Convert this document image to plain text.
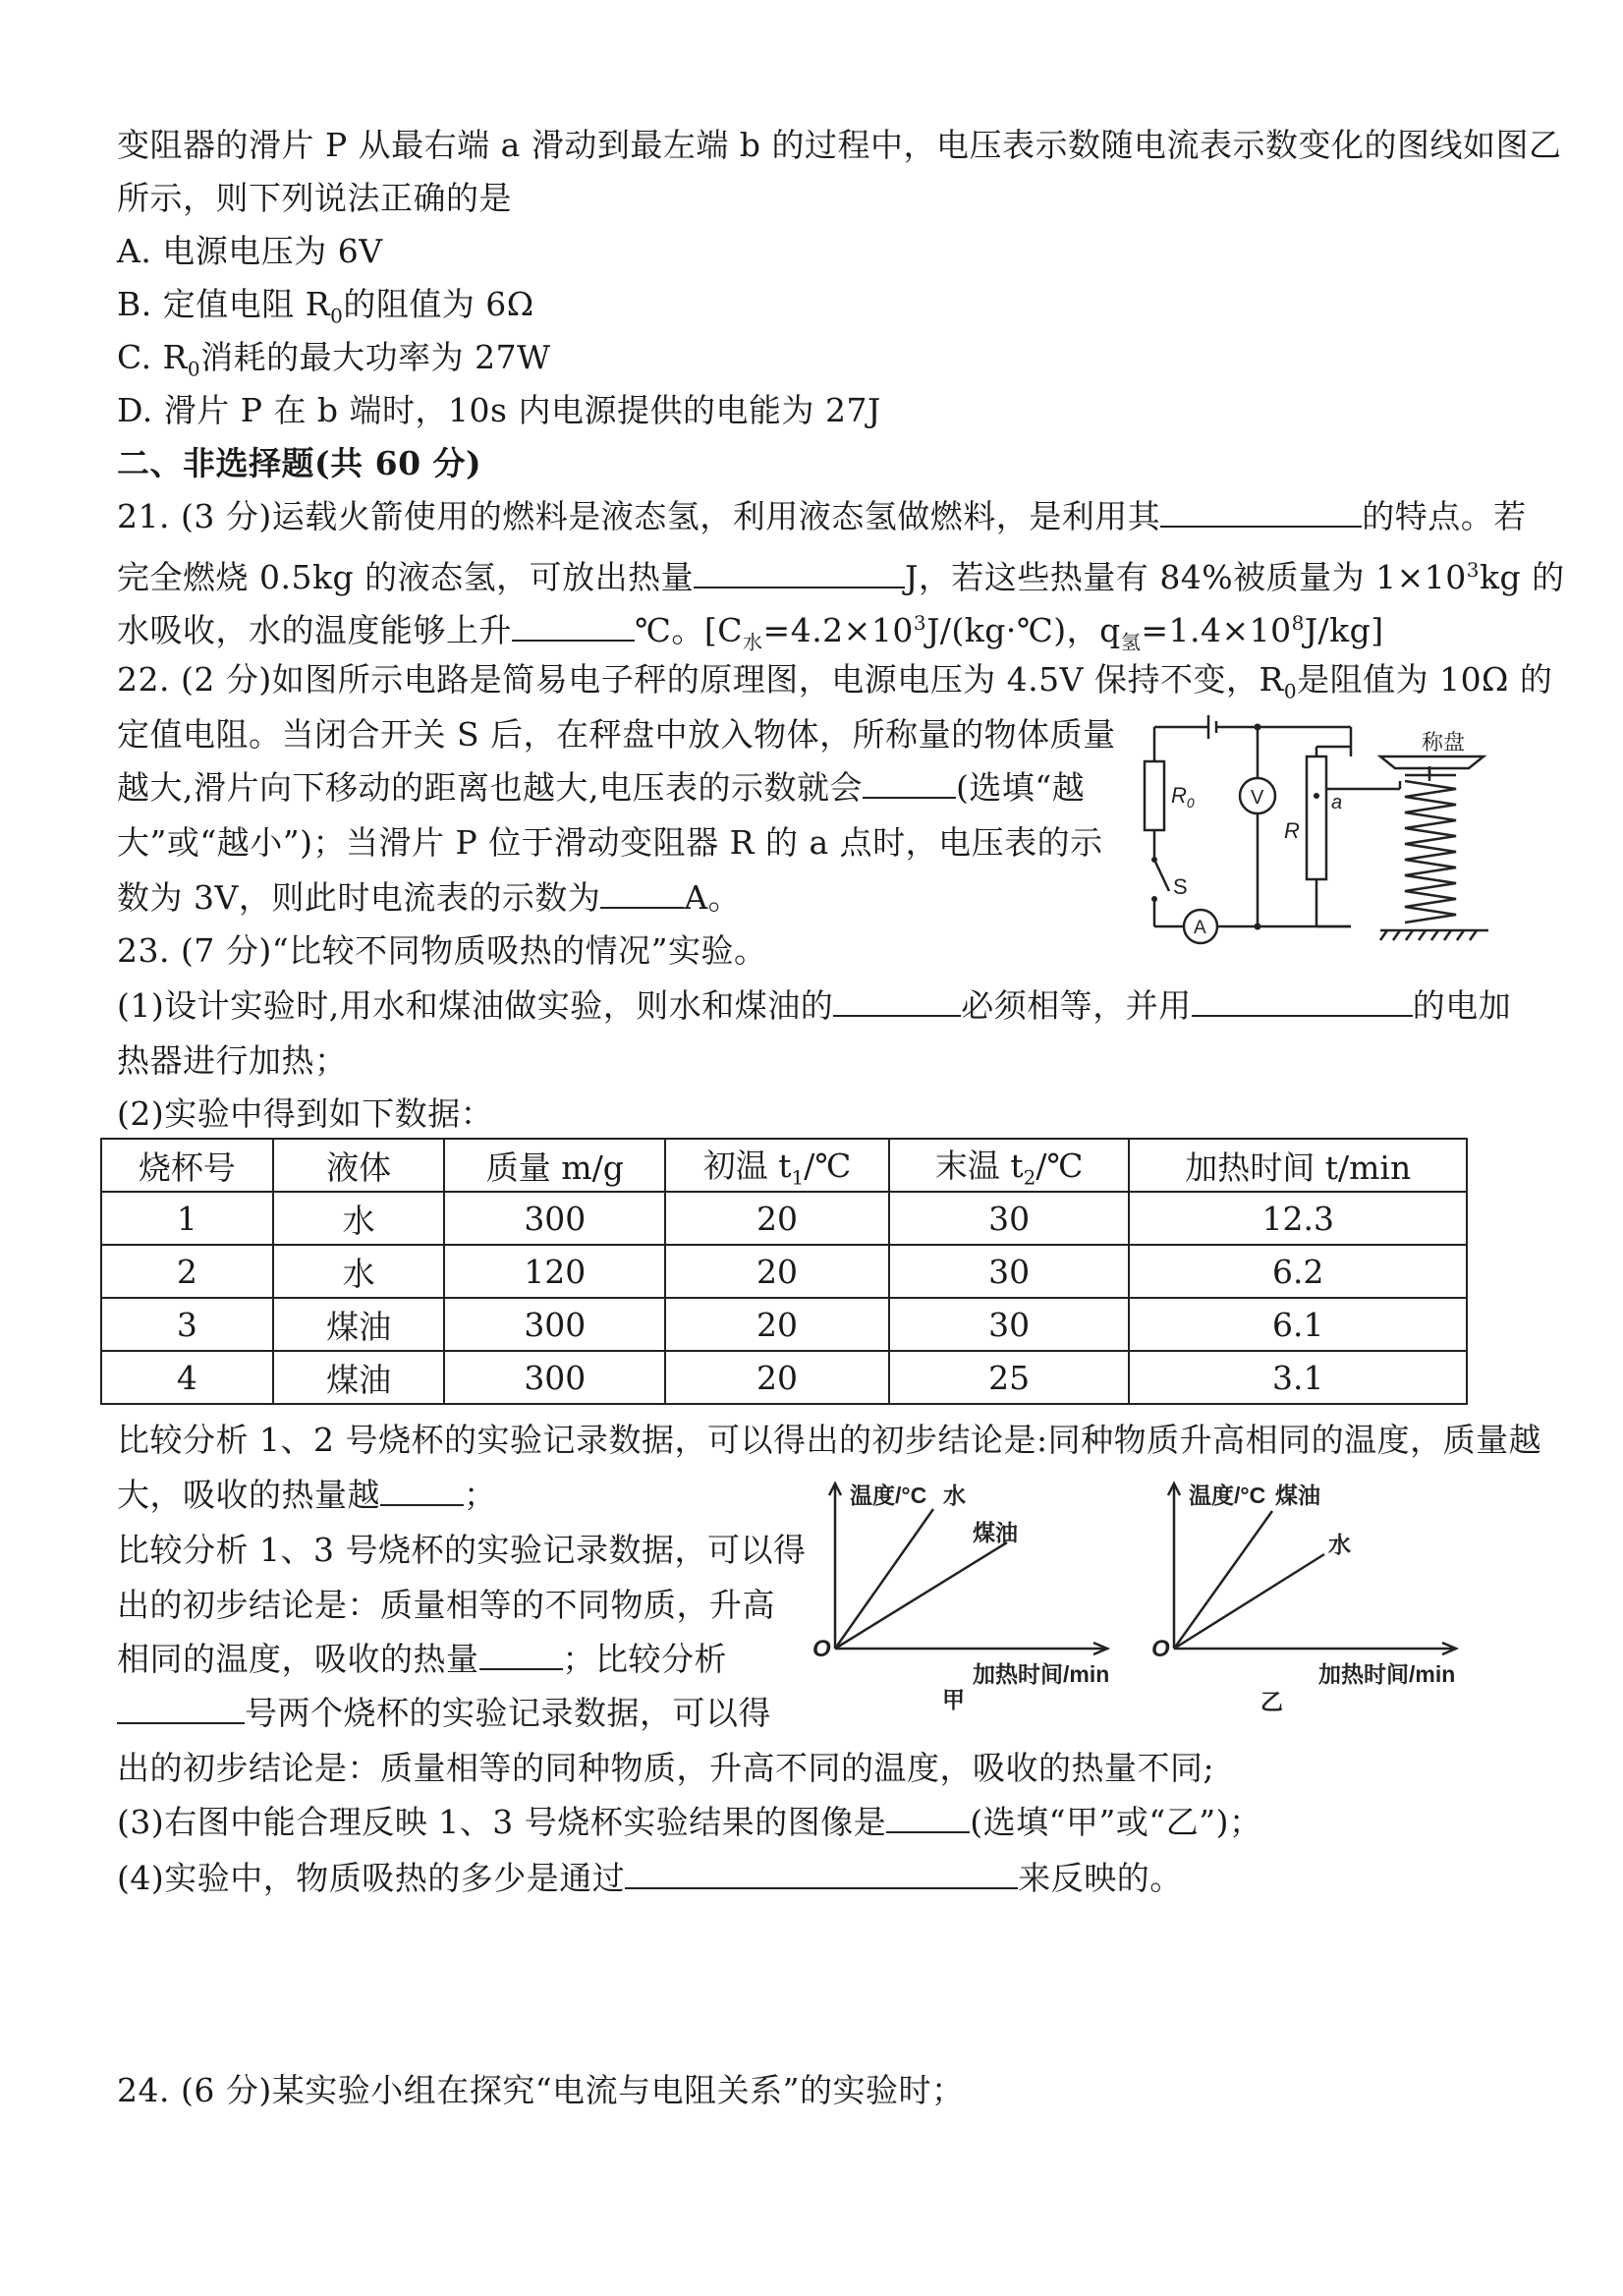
变阻器的滑片 P 从最右端 a 滑动到最左端 b 的过程中，电压表示数随电流表示数变化的图线如图乙
所示，则下列说法正确的是
A. 电源电压为 6V
B. 定值电阻 $R_0$的阻值为 6Ω
C. $R_0$消耗的最大功率为 27W
D. 滑片 P 在 b 端时，10s 内电源提供的电能为 27J
二、非选择题(共 60 分)
21. (3 分)运载火箭使用的燃料是液态氢，利用液态氢做燃料，是利用其	的特点。若
完全燃烧 0.5kg 的液态氢，可放出热量	J，若这些热量有 84%被质量为 $1\times 10^3kg$ 的
水吸收，水的温度能够上升	℃。[$C_水=4.2\times 10^3J/(kg\cdot℃)$，$q_氢=1.4\times 10^8J/kg$]
22. (2 分)如图所示电路是简易电子秤的原理图，电源电压为 4.5V 保持不变，$R_0$是阻值为 10Ω 的
定值电阻。当闭合开关 S 后，在秤盘中放入物体，所称量的物体质量
越大,滑片向下移动的距离也越大,电压表的示数就会	(选填“越
大”或“越小”)；当滑片 P 位于滑动变阻器 R 的 a 点时，电压表的示
数为 3V，则此时电流表的示数为	A。
称盘
$R_0$	V
R
a
S
A
23. (7 分)“比较不同物质吸热的情况”实验。
(1)设计实验时,用水和煤油做实验，则水和煤油的	必须相等，并用	的电加
热器进行加热；
(2)实验中得到如下数据：
烧杯号	液体	质量 m/g	初温 $t_1/℃$	末温 $t_2/℃$	加热时间 t/min
1	水	300	20	30	12.3
2	水	120	20	30	6.2
3	煤油	300	20	30	6.1
4	煤油	300	20	25	3.1
比较分析 1、2 号烧杯的实验记录数据，可以得出的初步结论是:同种物质升高相同的温度，质量越
大，吸收的热量越	；
比较分析 1、3 号烧杯的实验记录数据，可以得
出的初步结论是：质量相等的不同物质，升高
相同的温度，吸收的热量	；比较分析
号两个烧杯的实验记录数据，可以得
出的初步结论是：质量相等的同种物质，升高不同的温度，吸收的热量不同;
(3)右图中能合理反映 1、3 号烧杯实验结果的图像是	(选填“甲”或“乙”)；
(4)实验中，物质吸热的多少是通过	来反映的。
温度/°C 水
煤油
O
加热时间/min
甲
温度/°C 煤油
水
O
加热时间/min
乙
24. (6 分)某实验小组在探究“电流与电阻关系”的实验时；
